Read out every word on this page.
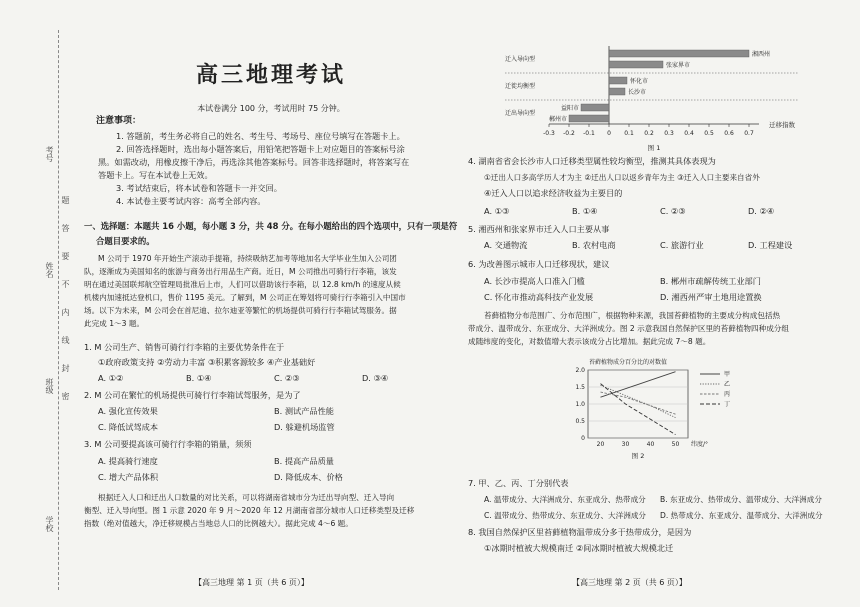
考号
姓名
班级
学校
题
答
要
不
内
线
封
密
高三地理考试
本试卷满分 100 分，考试用时 75 分钟。
注意事项：
1. 答题前，考生务必将自己的姓名、考生号、考场号、座位号填写在答题卡上。
2. 回答选择题时，选出每小题答案后，用铅笔把答题卡上对应题目的答案标号涂
黑。如需改动，用橡皮擦干净后，再选涂其他答案标号。回答非选择题时，将答案写在
答题卡上。写在本试卷上无效。
3. 考试结束后，将本试卷和答题卡一并交回。
4. 本试卷主要考试内容：高考全部内容。
一、选择题：本题共 16 小题，每小题 3 分，共 48 分。在每小题给出的四个选项中，只有一项是符
合题目要求的。
M 公司于 1970 年开始生产滚动手提箱，持续吸纳艺加考等地加名大学毕业生加入公司团
队，逐渐成为美国知名的旅游与商务出行用品生产商。近日，M 公司推出可骑行行李箱，该发
明在通过美国联邦航空管理局批准后上市，人们可以借助该行李箱，以 12.8 km/h 的速度从候
机楼内加速抵达登机口，售价 1195 美元。了解到，M 公司正在筹划将可骑行行李箱引入中国市
场。以下为未来，M 公司会在首尼迪、拉尔迪亚等繁忙的机场提供可骑行行李箱试驾服务。据
此完成 1～3 题。
1. M 公司生产、销售可骑行行李箱的主要优势条件在于
①政府政策支持 ②劳动力丰富 ③积累客源较多 ④产业基础好
A. ①②	B. ①④	C. ②③	D. ③④
2. M 公司在繁忙的机场提供可骑行行李箱试驾服务，是为了
A. 强化宣传效果	B. 测试产品性能
C. 降低试驾成本	D. 躲避机场监管
3. M 公司要提高该可骑行行李箱的销量，须须
A. 提高骑行速度	B. 提高产品质量
C. 增大产品体积	D. 降低成本、价格
根据迁入人口和迁出人口数量的对比关系，可以将湖南省城市分为迁出导向型、迁入导向
衡型、迁入导向型。图 1 示意 2020 年 9 月～2020 年 12 月湖南省部分城市人口迁移类型及迁移
指数（绝对值越大，净迁移规模占当地总人口的比例越大）。据此完成 4～6 题。
【高三地理 第 1 页（共 6 页）】
-0.3 -0.2 -0.1 0 0.1 0.2 0.3 0.4 0.5 0.6 0.7
迁移指数
图 1
湘西州
张家界市
迁入导向型
怀化市
长沙市
迁徙均衡型
益阳市
郴州市
迁出导向型
4. 湖南省省会长沙市人口迁移类型属性较均衡型，推测其具体表现为
①迁出人口多高学历人才为主 ②迁出人口以返乡青年为主 ③迁入人口主要来自省外
④迁入人口以追求经济收益为主要目的
A. ①③	B. ①④	C. ②③	D. ②④
5. 湘西州和张家界市迁入人口主要从事
A. 交通物流	B. 农村电商	C. 旅游行业	D. 工程建设
6. 为改善图示城市人口迁移现状，建议
A. 长沙市提高人口准入门槛	B. 郴州市疏解传统工业部门
C. 怀化市推动高科技产业发展	D. 湘西州严审土地用途置换
苔藓植物分布范围广、分布范围广，根据物种来源，我国苔藓植物的主要成分构成包括热
带成分、温带成分、东亚成分、大洋洲成分。图 2 示意我国自然保护区里的苔藓植物四种成分组
成随纬度的变化，对数值增大表示该成分占比增加。据此完成 7～8 题。
苔藓植物成分百分比的对数值
0
0.5
1.0
1.5
2.0
20	30	40	50 纬度/°
图 2
甲
乙
丙
丁
7. 甲、乙、丙、丁分别代表
A. 温带成分、大洋洲成分、东亚成分、热带成分 B. 东亚成分、热带成分、温带成分、大洋洲成分
C. 温带成分、热带成分、东亚成分、大洋洲成分 D. 热带成分、东亚成分、温带成分、大洋洲成分
8. 我国自然保护区里苔藓植物温带成分多于热带成分，是因为
①冰期时植被大规模南迁 ②间冰期时植被大规模北迁
【高三地理 第 2 页（共 6 页）】
